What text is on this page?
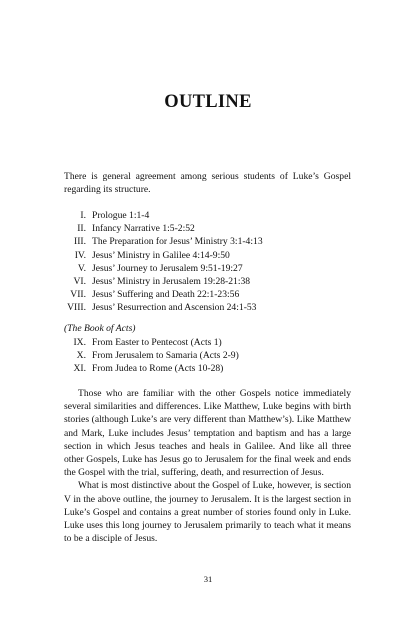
OUTLINE
There is general agreement among serious students of Luke’s Gospel regarding its structure.
I. Prologue 1:1-4
II. Infancy Narrative 1:5-2:52
III. The Preparation for Jesus’ Ministry 3:1-4:13
IV. Jesus’ Ministry in Galilee 4:14-9:50
V. Jesus’ Journey to Jerusalem 9:51-19:27
VI. Jesus’ Ministry in Jerusalem 19:28-21:38
VII. Jesus’ Suffering and Death 22:1-23:56
VIII. Jesus’ Resurrection and Ascension 24:1-53
(The Book of Acts)
IX. From Easter to Pentecost (Acts 1)
X. From Jerusalem to Samaria (Acts 2-9)
XI. From Judea to Rome (Acts 10-28)

Those who are familiar with the other Gospels notice immediately several similarities and differences. Like Matthew, Luke begins with birth stories (although Luke’s are very different than Matthew’s). Like Matthew and Mark, Luke includes Jesus’ temptation and baptism and has a large section in which Jesus teaches and heals in Galilee. And like all three other Gospels, Luke has Jesus go to Jerusalem for the final week and ends the Gospel with the trial, suffering, death, and resurrection of Jesus.

What is most distinctive about the Gospel of Luke, however, is section V in the above outline, the journey to Jerusalem. It is the largest section in Luke’s Gospel and contains a great number of stories found only in Luke. Luke uses this long journey to Jerusalem primarily to teach what it means to be a disciple of Jesus.

31
